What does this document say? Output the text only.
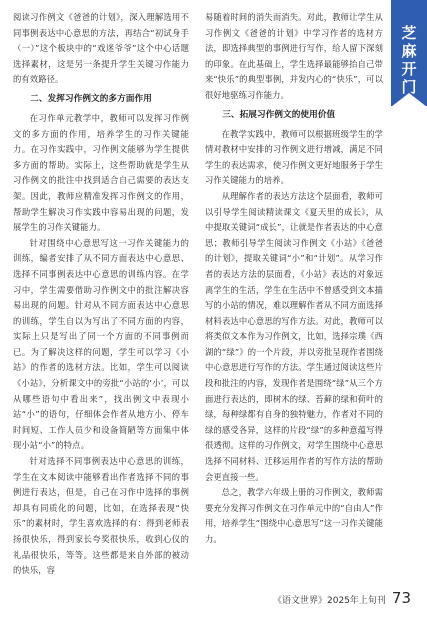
芝麻开门

阅读习作例文《爸爸的计划》，深入理解选用不同事例表达中心意思的方法，再结合“初试身手（一）”这个板块中的“戏迷爷爷”这个中心话题选择素材，这是另一条提升学生关键习作能力的有效路径。

二、发挥习作例文的多方面作用

在习作单元教学中，教师可以发挥习作例文的多方面的作用，培养学生的习作关键能力。在习作实践中，习作例文能够为学生提供多方面的帮助。实际上，这些帮助就是学生从习作例文的批注中找到适合自己需要的表达支架。因此，教师应精准发挥习作例文的作用，帮助学生解决习作实践中容易出现的问题，发展学生的习作关键能力。

针对围绕中心意思写这一习作关键能力的训练，编者安排了从不同方面表达中心意思、选择不同事例表达中心意思的训练内容。在学习中，学生需要借助习作例文中的批注解决容易出现的问题。针对从不同方面表达中心意思的训练，学生自以为写出了不同方面的内容，实际上只是写出了同一个方面的不同事例而已。为了解决这样的问题，学生可以学习《小站》的作者的选材方法。比如，学生可以阅读《小站》，分析课文中的旁批“小站的‘小’，可以从哪些语句中看出来”，找出例文中表现小站“小”的语句，仔细体会作者从地方小、停车时间短、工作人员少和设备简陋等方面集中体现小站“小”的特点。

针对选择不同事例表达中心意思的训练，学生在文本阅读中能够看出作者选择不同的事例进行表达，但是，自己在习作中选择的事例却具有同质化的问题，比如，在选择表现“快乐”的素材时，学生喜欢选择的有：得到老师表扬很快乐，得到家长夸奖很快乐，收到心仪的礼品很快乐，等等。这些都是来自外部的被动的快乐，容

易随着时间的消失而消失。对此，教师让学生从习作例文《爸爸的计划》中学习作者的选材方法，即选择典型的事例进行写作，给人留下深刻的印象。在此基础上，学生选择最能够抬自己带来“快乐”的典型事例，并发内心的“快乐”，可以很好地驱练习作能力。

三、拓展习作例文的使用价值

在教学实践中，教师可以根据班级学生的学情对教材中安排的习作例文进行增减，满足不同学生的表达需求，使习作例文更好地服务于学生习作关键能力的培养。

从理解作者的表达方法这个层面看，教师可以引导学生阅读精读课文《夏天里的成长》，从中提取关键词“成长”，让就是作者表达的中心意思；教师引导学生阅读习作例文《小站》《爸爸的计划》，提取关键词“小”和“计划”。从学习作者的表达方法的层面看，《小站》表达的对象远离学生的生活，学生在生活中不曾感受到文本描写的小站的情况，难以理解作者从不同方面选择材料表达中心意思的写作方法。对此，教师可以将类似文本作为习作例文，比如，选择宗璞《西湖的“绿”》的一个片段，并以旁批呈现作者围绕中心意思进行写作的方法。学生通过阅读这些片段和批注的内容，发现作者是围绕“绿”从三个方面进行表达的，即树木的绿、苔藓的绿和荷叶的绿，每种绿都有自身的独特魅力，作者对不同的绿的感受各异，这样的片段“绿”的多种意蕴写得很透彻。这样的习作例文，对学生围绕中心意思选择不同材料、迁移运用作者的写作方法的帮助会更直接一些。

总之，教学六年级上册的习作例文，教师需要充分发挥习作例文在习作单元中的“自由人”作用，培养学生“围绕中心意思写”这一习作关键能力。

《语文世界》2025年上旬刊 73
